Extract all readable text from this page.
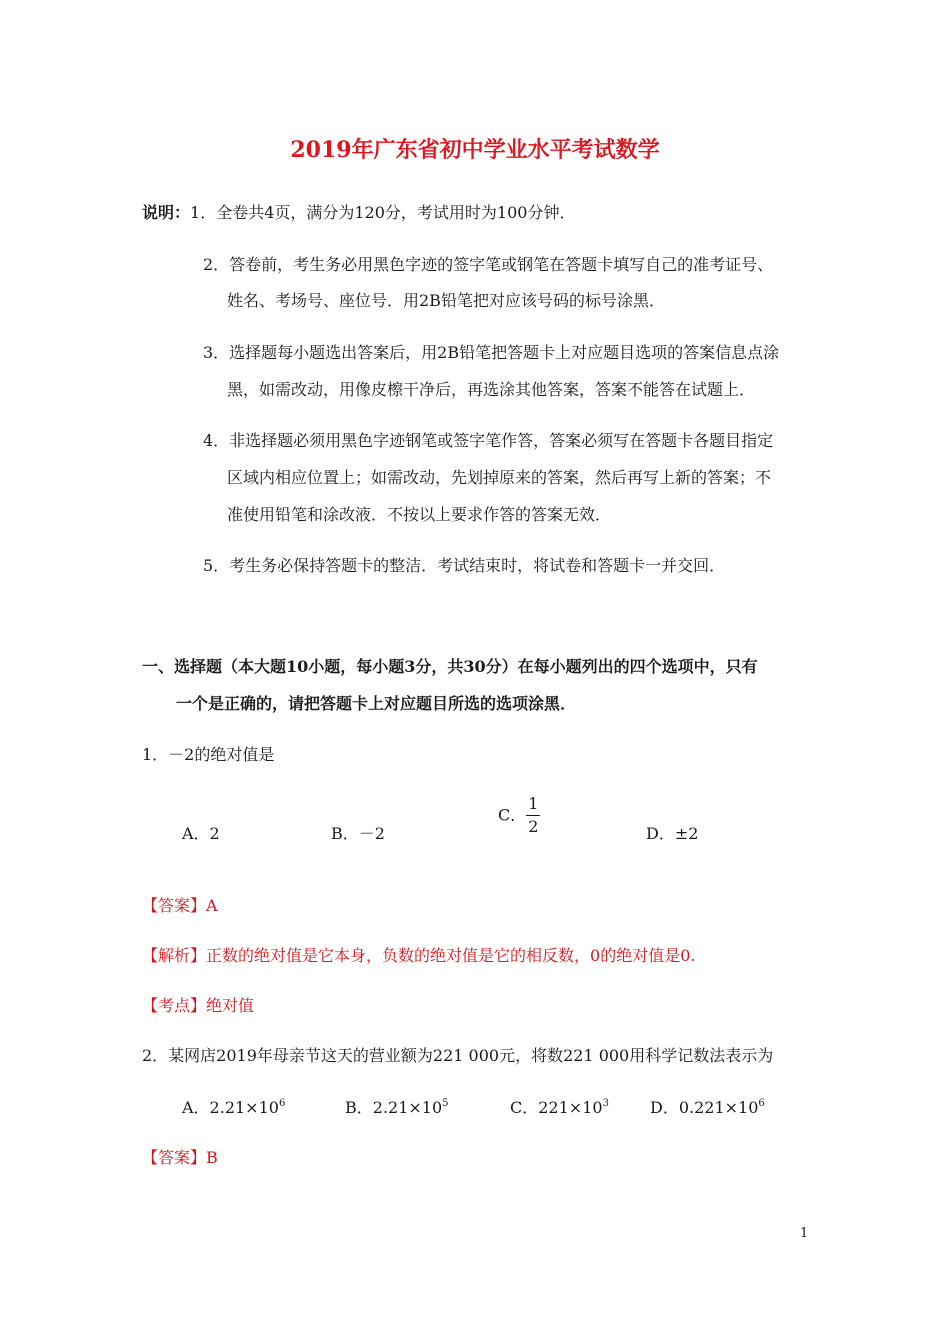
2019年广东省初中学业水平考试数学
说明：1．全卷共4页，满分为120分，考试用时为100分钟．
2．答卷前，考生务必用黑色字迹的签字笔或钢笔在答题卡填写自己的准考证号、
姓名、考场号、座位号．用2B铅笔把对应该号码的标号涂黑．
3．选择题每小题选出答案后，用2B铅笔把答题卡上对应题目选项的答案信息点涂
黑，如需改动，用像皮檫干净后，再选涂其他答案，答案不能答在试题上．
4．非选择题必须用黑色字迹钢笔或签字笔作答，答案必须写在答题卡各题目指定
区域内相应位置上；如需改动，先划掉原来的答案，然后再写上新的答案；不
准使用铅笔和涂改液．不按以上要求作答的答案无效．
5．考生务必保持答题卡的整洁．考试结束时，将试卷和答题卡一并交回．
一、选择题（本大题10小题，每小题3分，共30分）在每小题列出的四个选项中，只有
一个是正确的，请把答题卡上对应题目所选的选项涂黑．
1．－2的绝对值是
A．2	B．－2
C． $\frac{1}{2}$	D．±2
【答案】A
【解析】正数的绝对值是它本身，负数的绝对值是它的相反数，0的绝对值是0.
【考点】绝对值
2．某网店2019年母亲节这天的营业额为221 000元，将数221 000用科学记数法表示为
A．$2.21\times 10^6$	B．$2.21\times 10^5$	C．$221\times 10^3$	D．$0.221\times 10^6$
【答案】B
1
